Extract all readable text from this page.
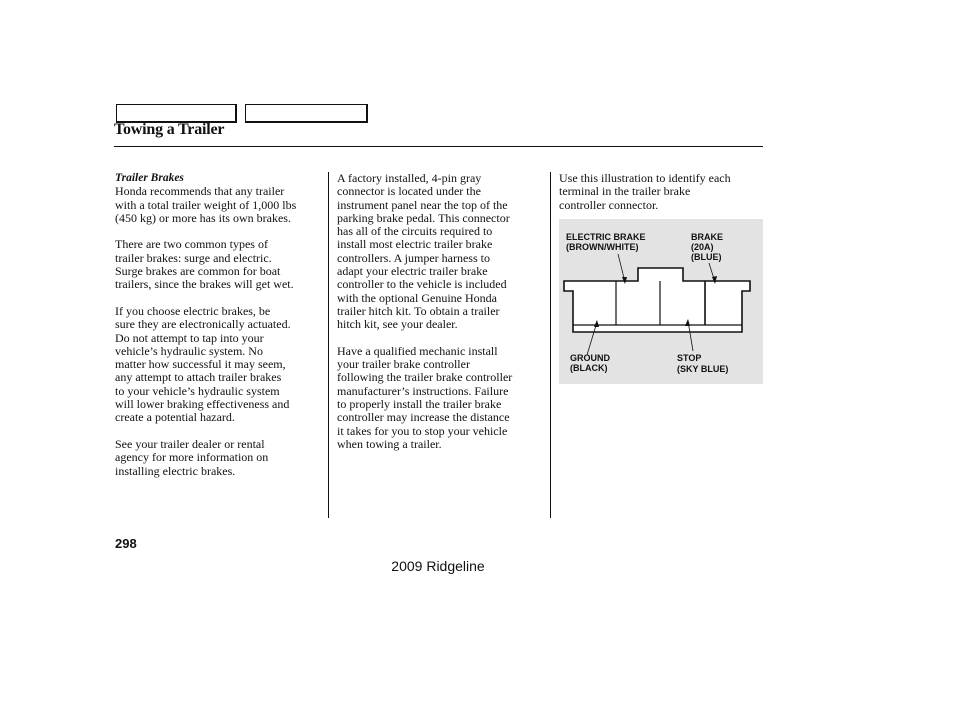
Towing a Trailer
Trailer Brakes

Honda recommends that any trailer
with a total trailer weight of 1,000 lbs
(450 kg) or more has its own brakes.

There are two common types of
trailer brakes: surge and electric.
Surge brakes are common for boat
trailers, since the brakes will get wet.

If you choose electric brakes, be
sure they are electronically actuated.
Do not attempt to tap into your
vehicle’s hydraulic system. No
matter how successful it may seem,
any attempt to attach trailer brakes
to your vehicle’s hydraulic system
will lower braking effectiveness and
create a potential hazard.

See your trailer dealer or rental
agency for more information on
installing electric brakes.

A factory installed, 4-pin gray
connector is located under the
instrument panel near the top of the
parking brake pedal. This connector
has all of the circuits required to
install most electric trailer brake
controllers. A jumper harness to
adapt your electric trailer brake
controller to the vehicle is included
with the optional Genuine Honda
trailer hitch kit. To obtain a trailer
hitch kit, see your dealer.

Have a qualified mechanic install
your trailer brake controller
following the trailer brake controller
manufacturer’s instructions. Failure
to properly install the trailer brake
controller may increase the distance
it takes for you to stop your vehicle
when towing a trailer.

Use this illustration to identify each
terminal in the trailer brake
controller connector.

ELECTRIC BRAKE
(BROWN/WHITE)
BRAKE
(20A)
(BLUE)
GROUND
(BLACK)
STOP
(SKY BLUE)
298
2009 Ridgeline
